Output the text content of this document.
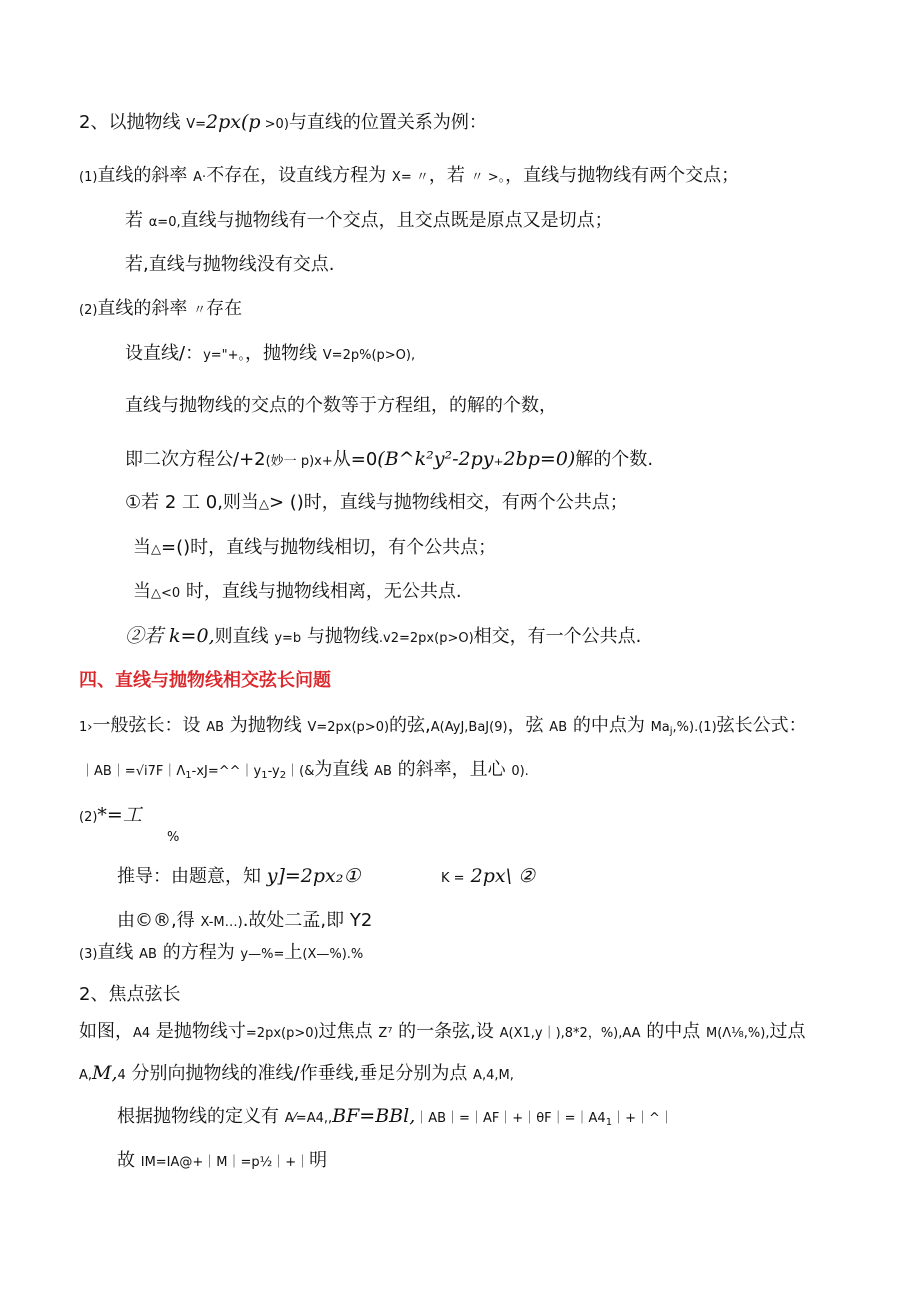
2、以抛物线 V=2px(p >0)与直线的位置关系为例：
(1)直线的斜率 A·不存在，设直线方程为 X= 〃，若 〃 >。，直线与抛物线有两个交点；
若 α=0,直线与抛物线有一个交点，且交点既是原点又是切点；
若,直线与抛物线没有交点.
(2)直线的斜率 〃存在
设直线/：y="+。，抛物线 V=2p%(p>O),
直线与抛物线的交点的个数等于方程组，的解的个数，
即二次方程公/+2(妙一 p)x+从=0(B^k²y²-2py₊2bp=0)解的个数.
①若 2 工 0,则当△> ()时，直线与抛物线相交，有两个公共点；
当△=()时，直线与抛物线相切，有个公共点；
当△<0 时，直线与抛物线相离，无公共点.
②若 k=0,则直线 y=b 与抛物线.v2=2px(p>O)相交，有一个公共点.
四、直线与抛物线相交弦长问题
1›一般弦长：设 AB 为抛物线 V=2px(p>0)的弦,A(AyJ,BaJ(9)，弦 AB 的中点为 $Ma_j,\%).(1)$弦长公式：
$|AB|=√i7F|\Lambda_1-xJ=\^{}\^{}|y_1-y_2|(\&$为直线 AB 的斜率，且心 0).
(2)*=工
%
推导：由题意，知 y]=2px₂①	K = 2px\ ②
由©®,得 X-M…).故处二孟,即 Y2
(3)直线 AB 的方程为 y—%=上(X—%).%
2、焦点弦长
如图，A4 是抛物线寸=2px(p>0)过焦点 Z⁷ 的一条弦,设 A(X1,y｜),8*2，%),AA 的中点 M(Λ⅛,%),过点
A,M,4 分别向抛物线的准线/作垂线,垂足分别为点 A,4,M,
根据抛物线的定义有 $A⁄=A4,,BF=BBl,|AB|=|AF|+|\theta F|=|A4_1|+|\^{}|$
故 IM=IA@+｜M｜=p½｜+｜明
